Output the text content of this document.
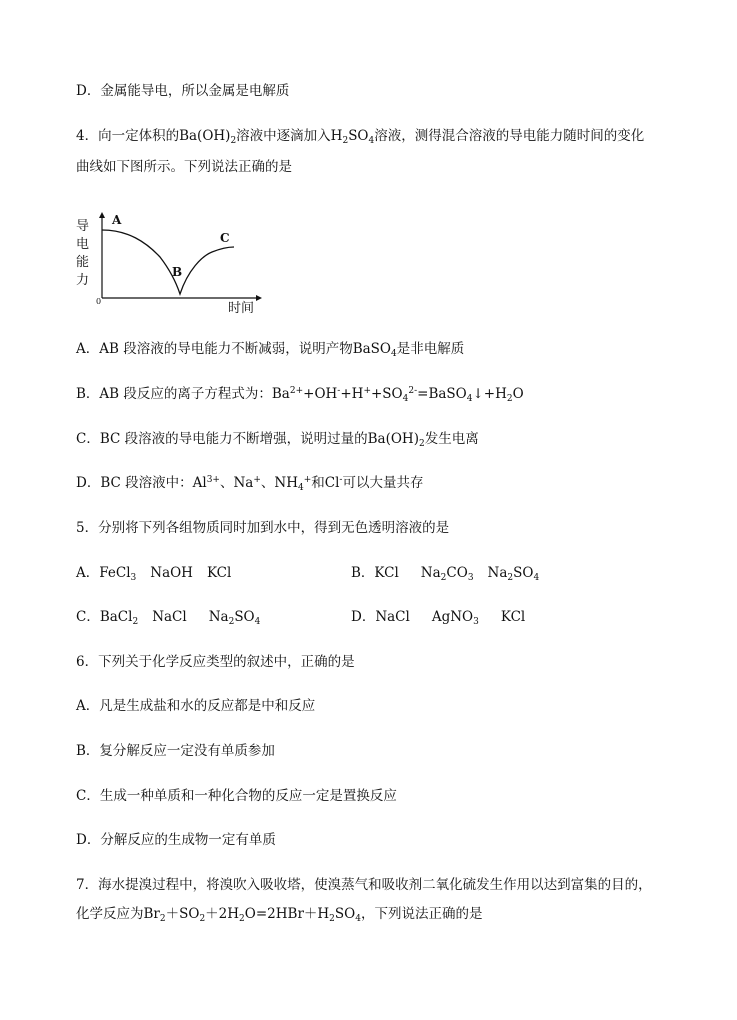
D．金属能导电，所以金属是电解质
4．向一定体积的$Ba(OH)_2$溶液中逐滴加入$H_2SO_4$溶液，测得混合溶液的导电能力随时间的变化
曲线如下图所示。下列说法正确的是
导
电
能
力
0	时间
A
B
C
A．AB 段溶液的导电能力不断减弱，说明产物BaSO$_4$是非电解质
B．AB 段反应的离子方程式为：$Ba^{2+}+OH^-+H^++SO_4^{2-}=BaSO_4↓+H_2O$
C．BC 段溶液的导电能力不断增强，说明过量的$Ba(OH)_2$发生电离
D．BC 段溶液中：$Al^{3+}$、Na+、$NH_4^+$和Cl-可以大量共存
5．分别将下列各组物质同时加到水中，得到无色透明溶液的是
A．FeCl$_3$ NaOH KCl	B．KCl $Na_2CO_3$ $Na_2SO_4$
C．BaCl$_2$ NaCl $Na_2SO_4$	D．NaCl AgNO$_3$ KCl
6．下列关于化学反应类型的叙述中，正确的是
A．凡是生成盐和水的反应都是中和反应
B．复分解反应一定没有单质参加
C．生成一种单质和一种化合物的反应一定是置换反应
D．分解反应的生成物一定有单质
7．海水提溴过程中，将溴吹入吸收塔，使溴蒸气和吸收剂二氧化硫发生作用以达到富集的目的，
化学反应为$Br_2+SO_2+2H_2O=2HBr+H_2SO_4$，下列说法正确的是
